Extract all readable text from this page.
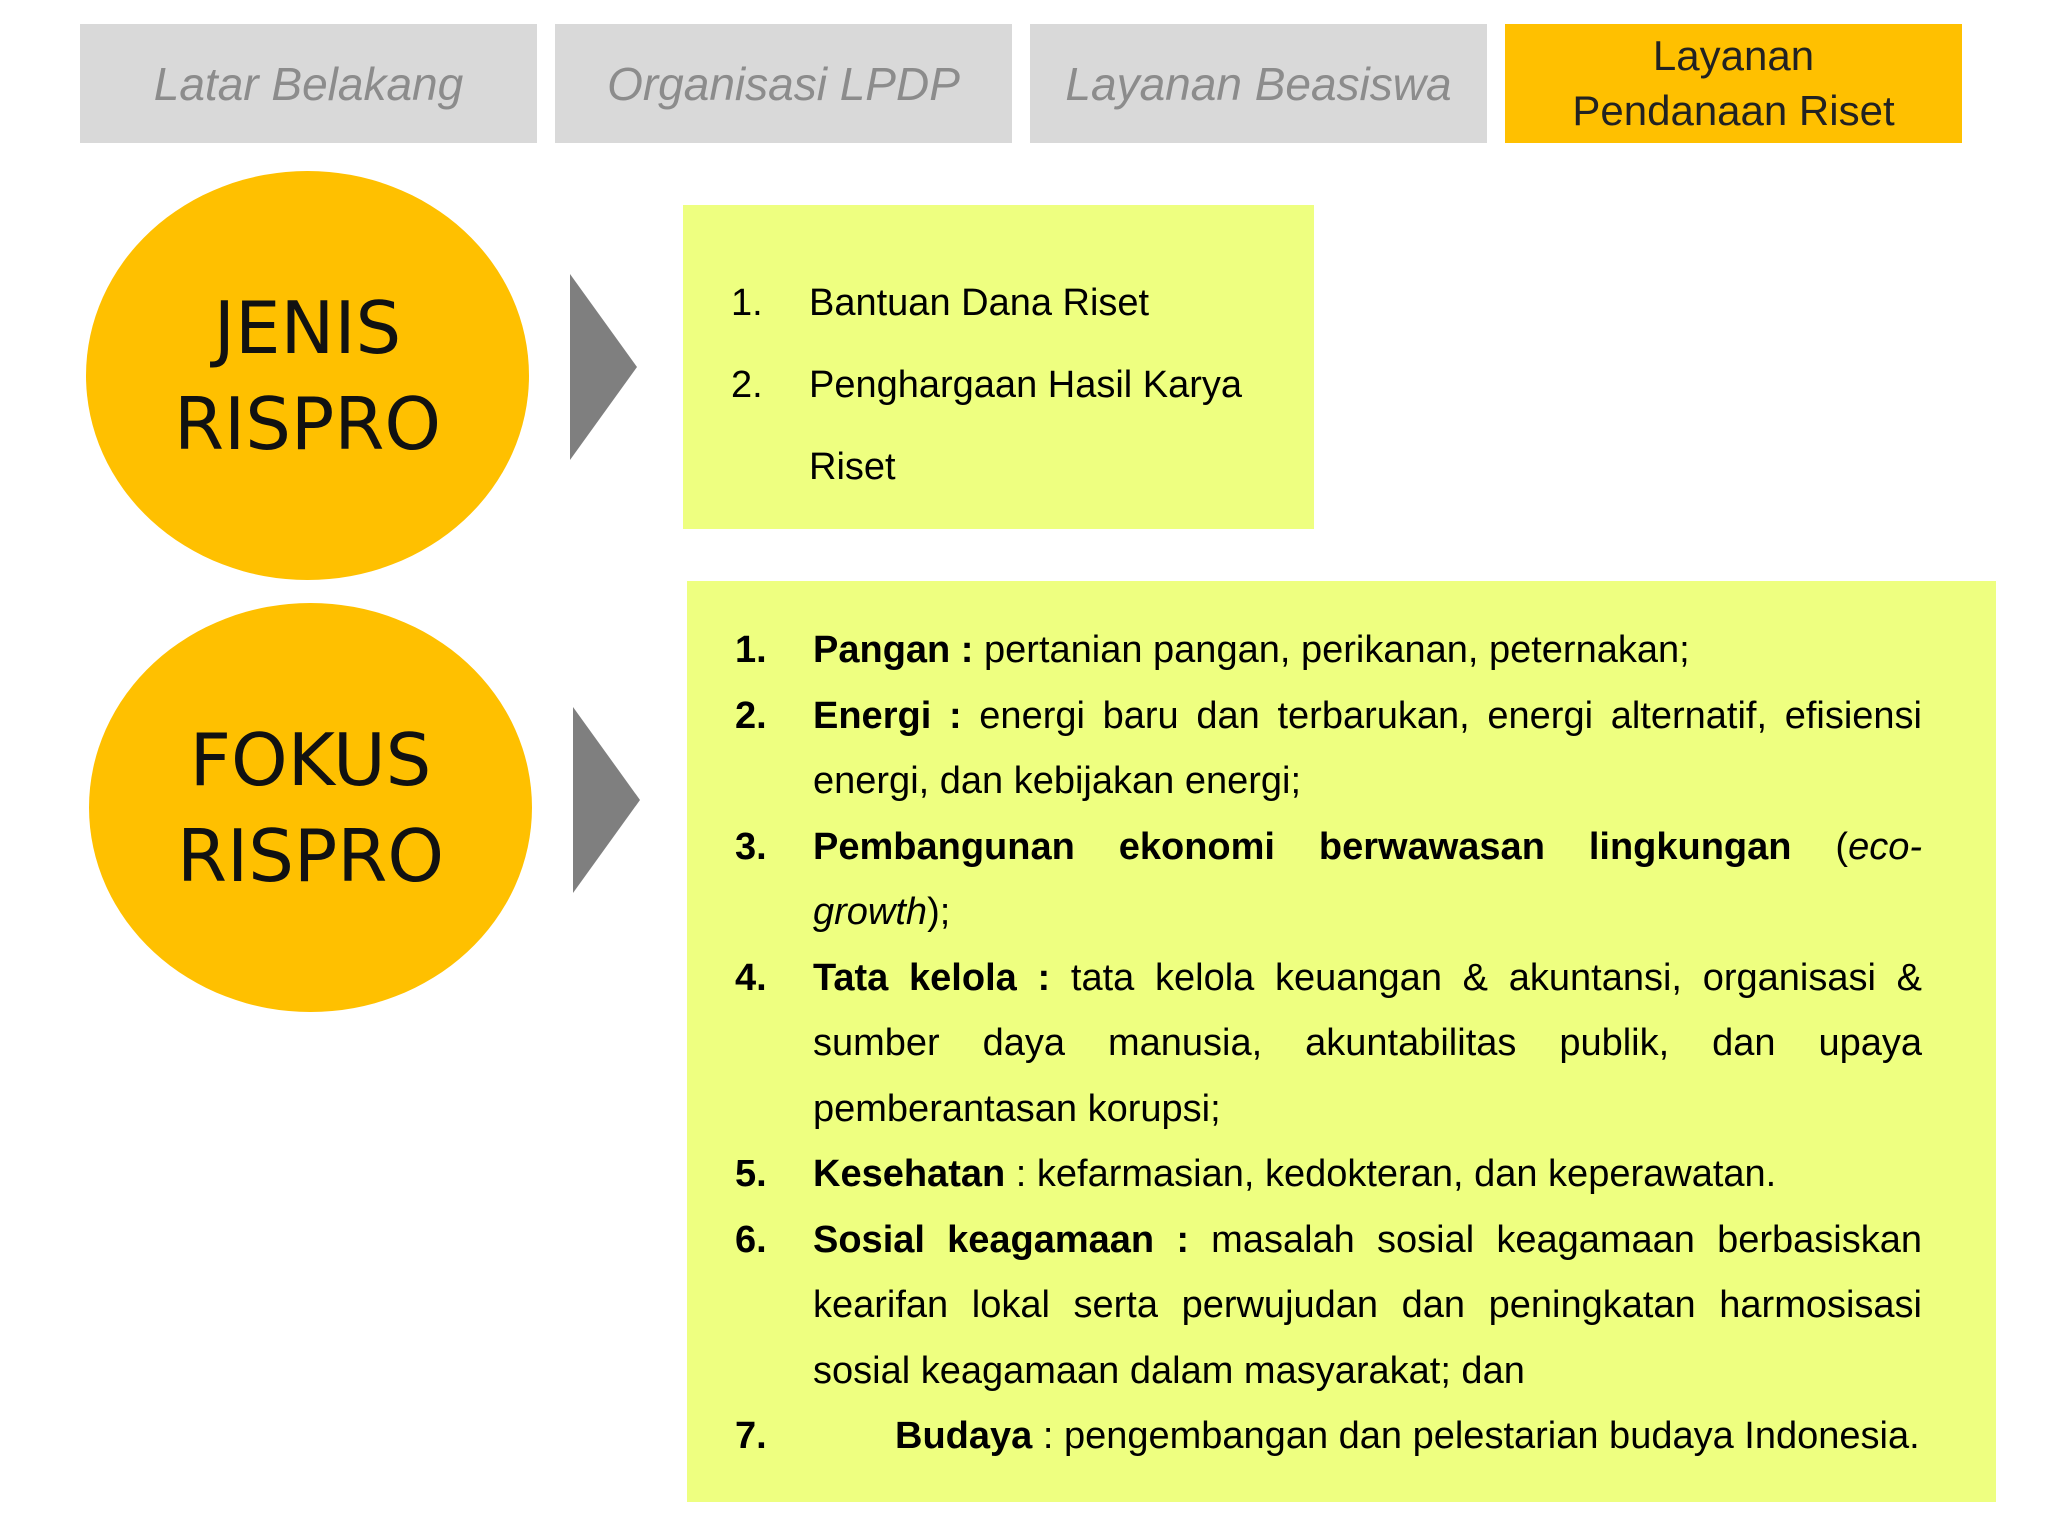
Latar Belakang	Organisasi LPDP Layanan Beasiswa
Layanan
Pendanaan Riset
JENIS
RISPRO
1. Bantuan Dana Riset
2. Penghargaan Hasil Karya
Riset
FOKUS
RISPRO
1. Pangan : pertanian pangan, perikanan, peternakan;
2. Energi : energi baru dan terbarukan, energi alternatif, efisiensi energi, dan kebijakan energi;
3. Pembangunan ekonomi berwawasan lingkungan (eco-growth);
4. Tata kelola : tata kelola keuangan & akuntansi, organisasi & sumber daya manusia, akuntabilitas publik, dan upaya pemberantasan korupsi;
5. Kesehatan : kefarmasian, kedokteran, dan keperawatan.
6. Sosial keagamaan : masalah sosial keagamaan berbasiskan kearifan lokal serta perwujudan dan peningkatan harmosisasi sosial keagamaan dalam masyarakat; dan
7.	Budaya : pengembangan dan pelestarian budaya Indonesia.
